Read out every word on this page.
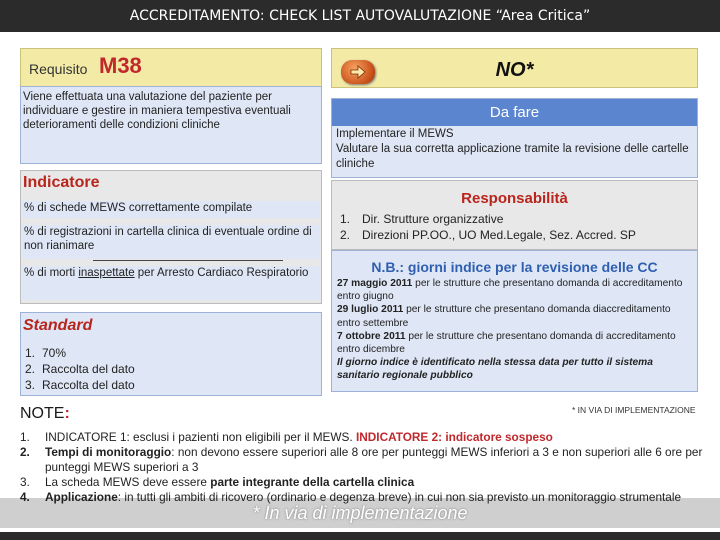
ACCREDITAMENTO: CHECK LIST AUTOVALUTAZIONE “Area Critica”
Requisito M38	NO*
Viene effettuata una valutazione del paziente per individuare e gestire in maniera tempestiva eventuali deterioramenti delle condizioni cliniche
Da fare
Implementare il MEWS
Valutare la sua corretta applicazione tramite la revisione delle cartelle cliniche
Indicatore
% di schede MEWS correttamente compilate
% di registrazioni in cartella clinica di eventuale ordine di non rianimare
% di morti inaspettate per Arresto Cardiaco Respiratorio
Responsabilità
1. Dir. Strutture organizzative
2. Direzioni PP.OO., UO Med.Legale, Sez. Accred. SP
N.B.: giorni indice per la revisione delle CC
27 maggio 2011 per le strutture che presentano domanda di accreditamento entro giugno
29 luglio 2011 per le strutture che presentano domanda diaccreditamento entro settembre
7 ottobre 2011 per le strutture che presentano domanda di accreditamento entro dicembre
Il giorno indice è identificato nella stessa data per tutto il sistema sanitario regionale pubblico
Standard
1. 70%
2. Raccolta del dato
3. Raccolta del dato
NOTE:	* IN VIA DI IMPLEMENTAZIONE
1. INDICATORE 1: esclusi i pazienti non eligibili per il MEWS. INDICATORE 2: indicatore sospeso
2. Tempi di monitoraggio: non devono essere superiori alle 8 ore per punteggi MEWS inferiori a 3 e non superiori alle 6 ore per punteggi MEWS superiori a 3
3. La scheda MEWS deve essere parte integrante della cartella clinica
4. Applicazione: in tutti gli ambiti di ricovero (ordinario e degenza breve) in cui non sia previsto un monitoraggio strumentale
* In via di implementazione
